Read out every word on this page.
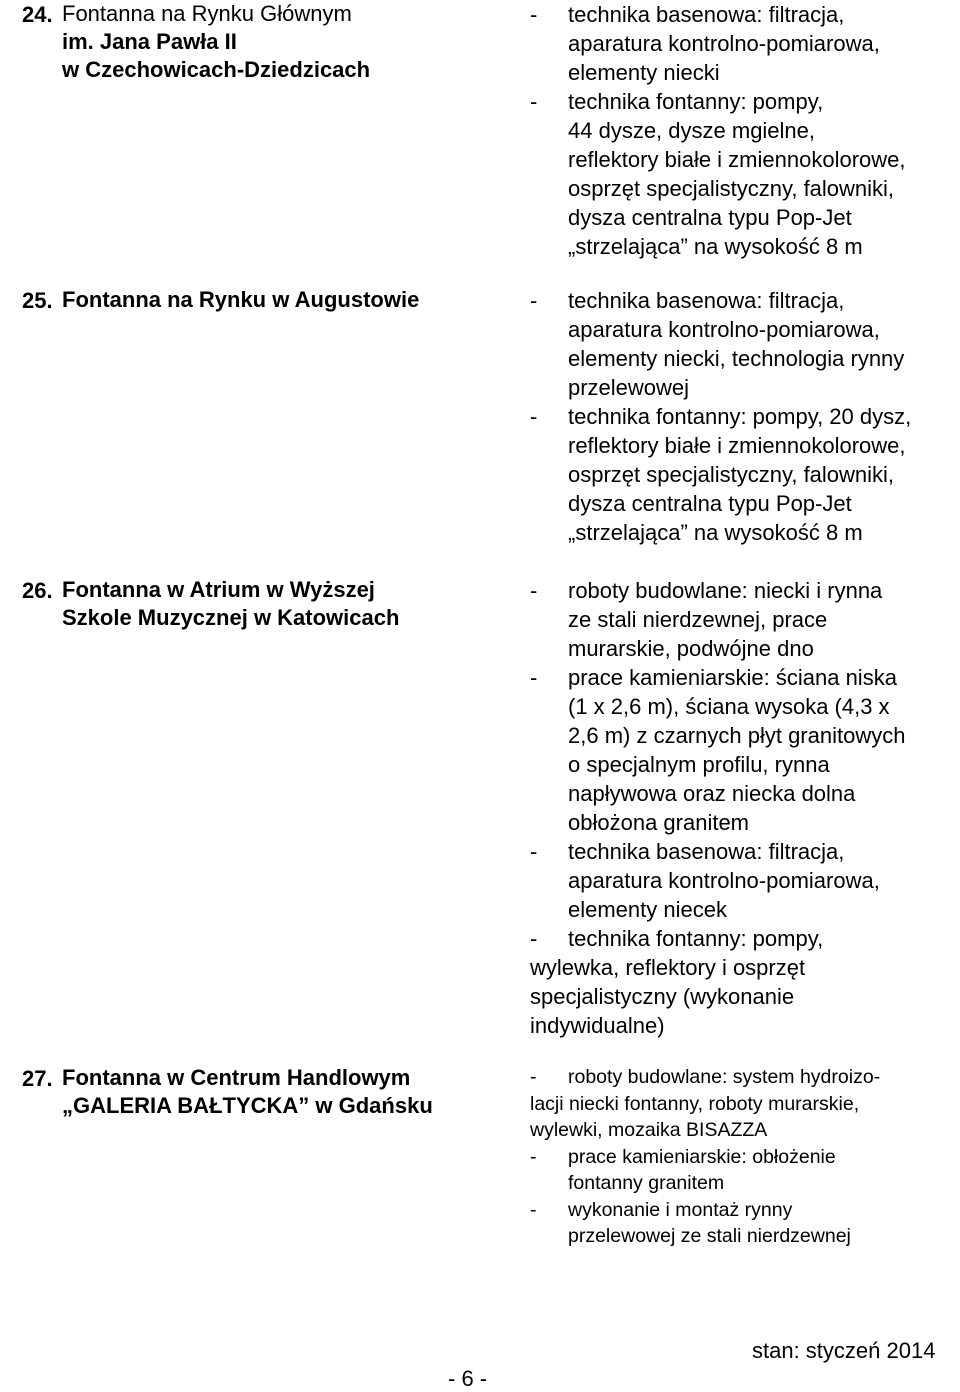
24. Fontanna na Rynku Głównym
im. Jana Pawła II
w Czechowicach-Dziedzicach
- technika basenowa: filtracja,
aparatura kontrolno-pomiarowa,
elementy niecki
- technika fontanny: pompy,
44 dysze, dysze mgielne,
reflektory białe i zmiennokolorowe,
osprzęt specjalistyczny, falowniki,
dysza centralna typu Pop-Jet
„strzelająca” na wysokość 8 m
25. Fontanna na Rynku w Augustowie	- technika basenowa: filtracja,
aparatura kontrolno-pomiarowa,
elementy niecki, technologia rynny
przelewowej
- technika fontanny: pompy, 20 dysz,
reflektory białe i zmiennokolorowe,
osprzęt specjalistyczny, falowniki,
dysza centralna typu Pop-Jet
„strzelająca” na wysokość 8 m
26. Fontanna w Atrium w Wyższej
Szkole Muzycznej w Katowicach
- roboty budowlane: niecki i rynna
ze stali nierdzewnej, prace
murarskie, podwójne dno
- prace kamieniarskie: ściana niska
(1 x 2,6 m), ściana wysoka (4,3 x
2,6 m) z czarnych płyt granitowych
o specjalnym profilu, rynna
napływowa oraz niecka dolna
obłożona granitem
- technika basenowa: filtracja,
aparatura kontrolno-pomiarowa,
elementy niecek
- technika fontanny: pompy,
wylewka, reflektory i osprzęt
specjalistyczny (wykonanie
indywidualne)
27. Fontanna w Centrum Handlowym
„GALERIA BAŁTYCKA” w Gdańsku
- roboty budowlane: system hydroizo-
lacji niecki fontanny, roboty murarskie,
wylewki, mozaika BISAZZA
- prace kamieniarskie: obłożenie
fontanny granitem
- wykonanie i montaż rynny
przelewowej ze stali nierdzewnej
stan: styczeń 2014
- 6 -
